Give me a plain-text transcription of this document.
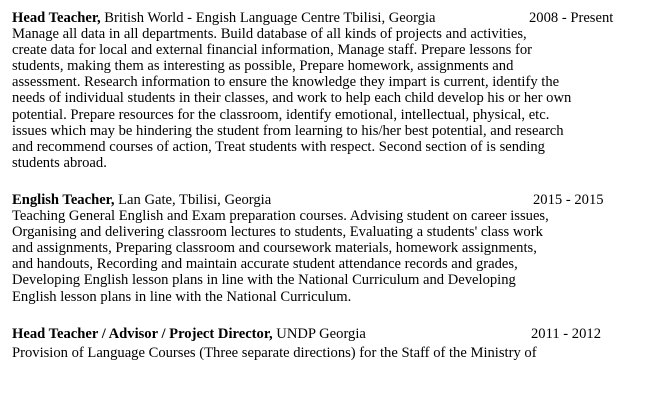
Head Teacher, British World - Engish Language Centre Tbilisi, Georgia	2008 - Present
Manage all data in all departments. Build database of all kinds of projects and activities,
create data for local and external financial information, Manage staff. Prepare lessons for
students, making them as interesting as possible, Prepare homework, assignments and
assessment. Research information to ensure the knowledge they impart is current, identify the
needs of individual students in their classes, and work to help each child develop his or her own
potential. Prepare resources for the classroom, identify emotional, intellectual, physical, etc.
issues which may be hindering the student from learning to his/her best potential, and research
and recommend courses of action, Treat students with respect. Second section of is sending
students abroad.
English Teacher, Lan Gate, Tbilisi, Georgia	2015 - 2015
Teaching General English and Exam preparation courses. Advising student on career issues,
Organising and delivering classroom lectures to students, Evaluating a students' class work
and assignments, Preparing classroom and coursework materials, homework assignments,
and handouts, Recording and maintain accurate student attendance records and grades,
Developing English lesson plans in line with the National Curriculum and Developing
English lesson plans in line with the National Curriculum.
Head Teacher / Advisor / Project Director, UNDP Georgia	2011 - 2012
Provision of Language Courses (Three separate directions) for the Staff of the Ministry of
